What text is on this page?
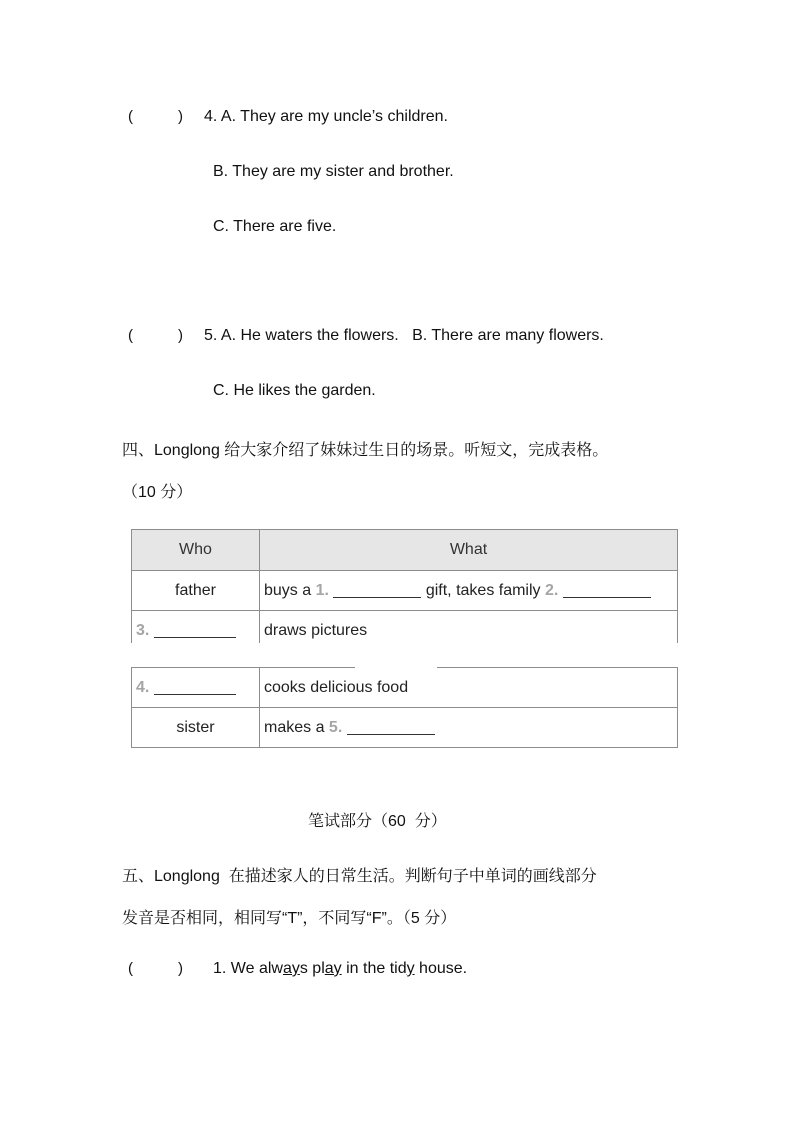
(	) 4. A. They are my uncle’s children.
B. They are my sister and brother.
C. There are five.
(	) 5. A. He waters the flowers.   B. There are many flowers.
C. He likes the garden.
四、Longlong 给大家介绍了妹妹过生日的场景。听短文，完成表格。
（10 分）
Who	What
father	buys a 1. gift, takes family 2.
3.	draws pictures

4.	cooks delicious food
sister	makes a 5.
笔试部分（60  分）
五、Longlong  在描述家人的日常生活。判断句子中单词的画线部分
发音是否相同，相同写“T”，不同写“F”。（5 分）
(	) 1. We always play in the tidy house.
